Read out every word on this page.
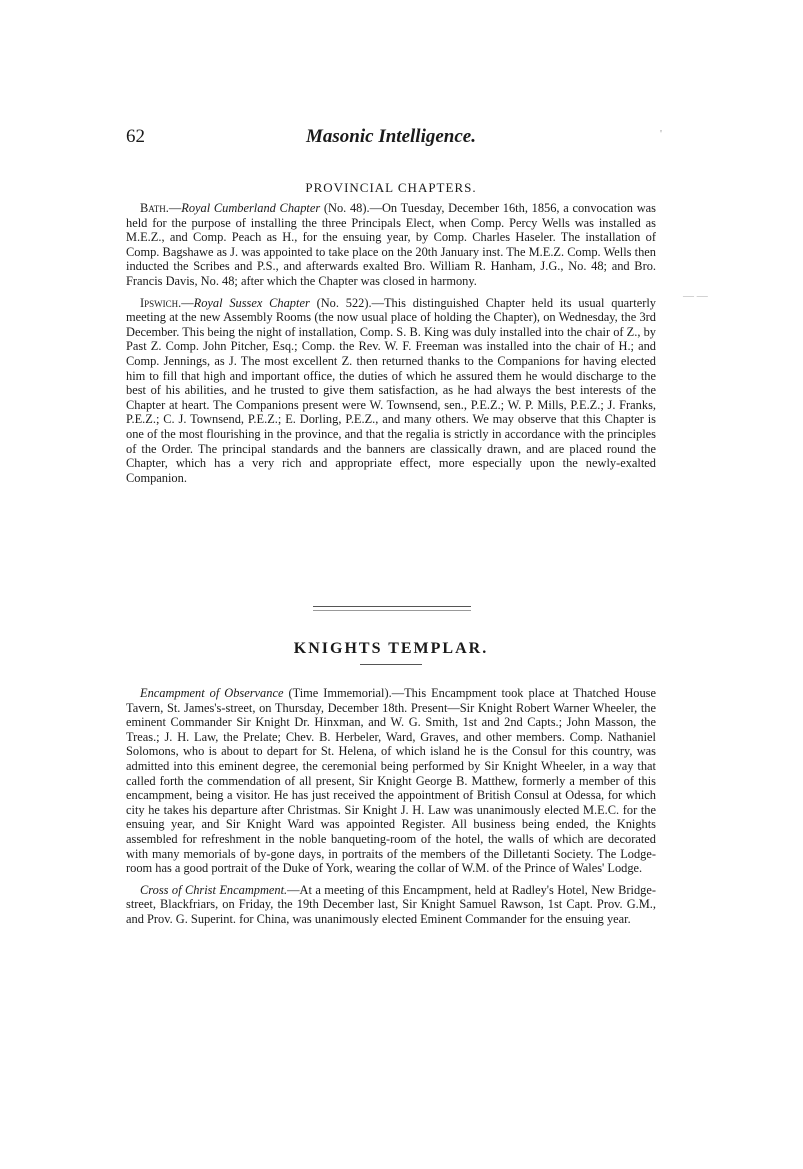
62	Masonic Intelligence.	'
— —
PROVINCIAL CHAPTERS.

Bath.—Royal Cumberland Chapter (No. 48).—On Tuesday, December 16th, 1856, a convocation was held for the purpose of installing the three Principals Elect, when Comp. Percy Wells was installed as M.E.Z., and Comp. Peach as H., for the ensuing year, by Comp. Charles Haseler. The installation of Comp. Bagshawe as J. was appointed to take place on the 20th January inst. The M.E.Z. Comp. Wells then inducted the Scribes and P.S., and afterwards exalted Bro. William R. Hanham, J.G., No. 48; and Bro. Francis Davis, No. 48; after which the Chapter was closed in harmony.

Ipswich.—Royal Sussex Chapter (No. 522).—This distinguished Chapter held its usual quarterly meeting at the new Assembly Rooms (the now usual place of holding the Chapter), on Wednesday, the 3rd December. This being the night of installation, Comp. S. B. King was duly installed into the chair of Z., by Past Z. Comp. John Pitcher, Esq.; Comp. the Rev. W. F. Freeman was installed into the chair of H.; and Comp. Jennings, as J. The most excellent Z. then returned thanks to the Companions for having elected him to fill that high and important office, the duties of which he assured them he would discharge to the best of his abilities, and he trusted to give them satisfaction, as he had always the best interests of the Chapter at heart. The Companions present were W. Townsend, sen., P.E.Z.; W. P. Mills, P.E.Z.; J. Franks, P.E.Z.; C. J. Townsend, P.E.Z.; E. Dorling, P.E.Z., and many others. We may observe that this Chapter is one of the most flourishing in the province, and that the regalia is strictly in accordance with the principles of the Order. The principal standards and the banners are classically drawn, and are placed round the Chapter, which has a very rich and appropriate effect, more especially upon the newly-exalted Companion.

KNIGHTS TEMPLAR.

Encampment of Observance (Time Immemorial).—This Encampment took place at Thatched House Tavern, St. James's-street, on Thursday, December 18th. Present—Sir Knight Robert Warner Wheeler, the eminent Commander Sir Knight Dr. Hinxman, and W. G. Smith, 1st and 2nd Capts.; John Masson, the Treas.; J. H. Law, the Prelate; Chev. B. Herbeler, Ward, Graves, and other members. Comp. Nathaniel Solomons, who is about to depart for St. Helena, of which island he is the Consul for this country, was admitted into this eminent degree, the ceremonial being performed by Sir Knight Wheeler, in a way that called forth the commendation of all present, Sir Knight George B. Matthew, formerly a member of this encampment, being a visitor. He has just received the appointment of British Consul at Odessa, for which city he takes his departure after Christmas. Sir Knight J. H. Law was unanimously elected M.E.C. for the ensuing year, and Sir Knight Ward was appointed Register. All business being ended, the Knights assembled for refreshment in the noble banqueting-room of the hotel, the walls of which are decorated with many memorials of by-gone days, in portraits of the members of the Dilletanti Society. The Lodge-room has a good portrait of the Duke of York, wearing the collar of W.M. of the Prince of Wales' Lodge.

Cross of Christ Encampment.—At a meeting of this Encampment, held at Radley's Hotel, New Bridge-street, Blackfriars, on Friday, the 19th December last, Sir Knight Samuel Rawson, 1st Capt. Prov. G.M., and Prov. G. Superint. for China, was unanimously elected Eminent Commander for the ensuing year.
